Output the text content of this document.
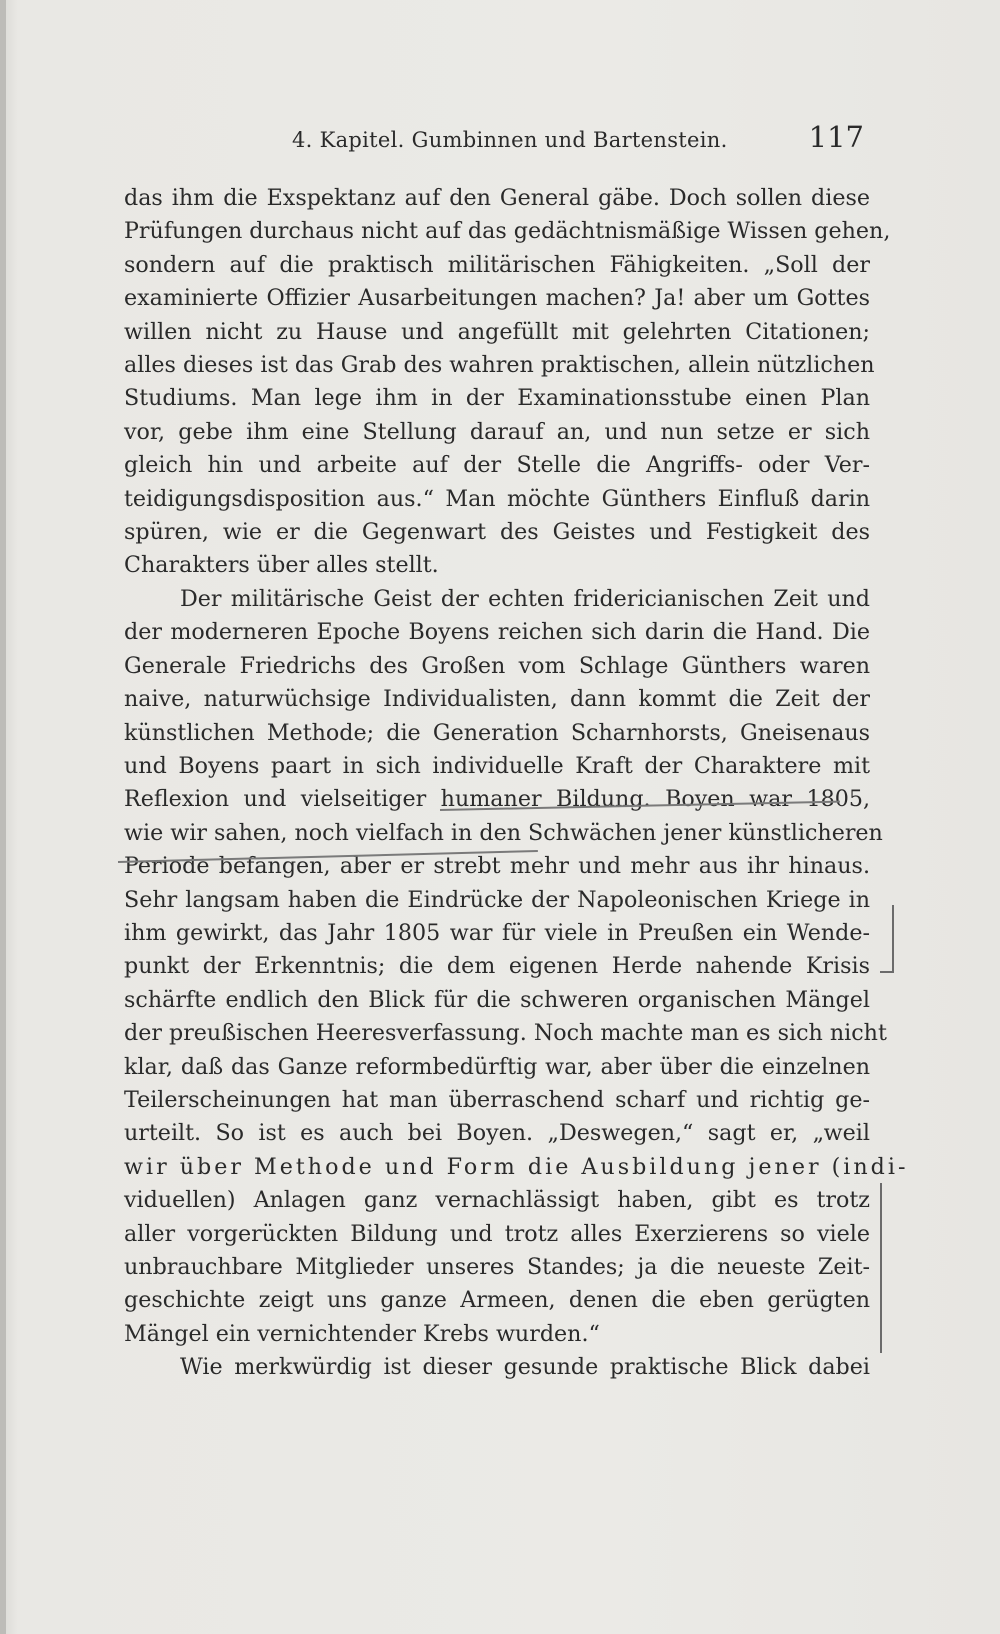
4. Kapitel. Gumbinnen und Bartenstein.	117

das ihm die Exspektanz auf den General gäbe. Doch sollen diese
Prüfungen durchaus nicht auf das gedächtnismäßige Wissen gehen,
sondern auf die praktisch militärischen Fähigkeiten. „Soll der
examinierte Offizier Ausarbeitungen machen? Ja! aber um Gottes
willen nicht zu Hause und angefüllt mit gelehrten Citationen;
alles dieses ist das Grab des wahren praktischen, allein nützlichen
Studiums. Man lege ihm in der Examinationsstube einen Plan
vor, gebe ihm eine Stellung darauf an, und nun setze er sich
gleich hin und arbeite auf der Stelle die Angriffs- oder Ver-
teidigungsdisposition aus.“ Man möchte Günthers Einfluß darin
spüren, wie er die Gegenwart des Geistes und Festigkeit des
Charakters über alles stellt.

Der militärische Geist der echten fridericianischen Zeit und
der moderneren Epoche Boyens reichen sich darin die Hand. Die
Generale Friedrichs des Großen vom Schlage Günthers waren
naive, naturwüchsige Individualisten, dann kommt die Zeit der
künstlichen Methode; die Generation Scharnhorsts, Gneisenaus
und Boyens paart in sich individuelle Kraft der Charaktere mit
Reflexion und vielseitiger humaner Bildung. Boyen war 1805,
wie wir sahen, noch vielfach in den Schwächen jener künstlicheren
Periode befangen, aber er strebt mehr und mehr aus ihr hinaus.
Sehr langsam haben die Eindrücke der Napoleonischen Kriege in
ihm gewirkt, das Jahr 1805 war für viele in Preußen ein Wende-
punkt der Erkenntnis; die dem eigenen Herde nahende Krisis
schärfte endlich den Blick für die schweren organischen Mängel
der preußischen Heeresverfassung. Noch machte man es sich nicht
klar, daß das Ganze reformbedürftig war, aber über die einzelnen
Teilerscheinungen hat man überraschend scharf und richtig ge-
urteilt. So ist es auch bei Boyen. „Deswegen,“ sagt er, „weil
wir über Methode und Form die Ausbildung jener (indi-
viduellen) Anlagen ganz vernachlässigt haben, gibt es trotz
aller vorgerückten Bildung und trotz alles Exerzierens so viele
unbrauchbare Mitglieder unseres Standes; ja die neueste Zeit-
geschichte zeigt uns ganze Armeen, denen die eben gerügten
Mängel ein vernichtender Krebs wurden.“

Wie merkwürdig ist dieser gesunde praktische Blick dabei
